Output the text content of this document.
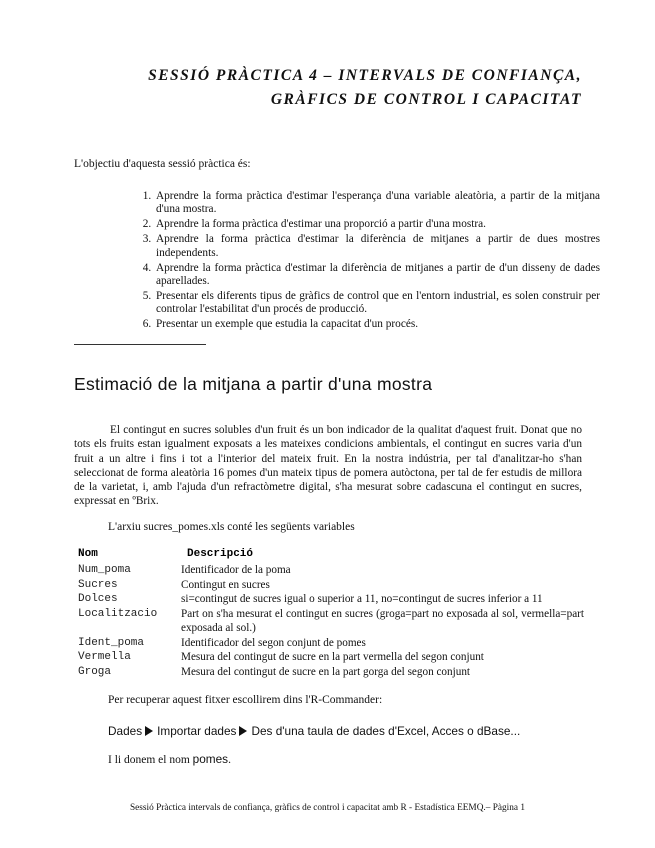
SESSIÓ PRÀCTICA 4 – INTERVALS DE CONFIANÇA,
GRÀFICS DE CONTROL I CAPACITAT

L'objectiu d'aquesta sessió pràctica és:

1. Aprendre la forma pràctica d'estimar l'esperança d'una variable aleatòria, a partir de la mitjana d'una mostra.
2. Aprendre la forma pràctica d'estimar una proporció a partir d'una mostra.
3. Aprendre la forma pràctica d'estimar la diferència de mitjanes a partir de dues mostres independents.
4. Aprendre la forma pràctica d'estimar la diferència de mitjanes a partir de d'un disseny de dades aparellades.
5. Presentar els diferents tipus de gràfics de control que en l'entorn industrial, es solen construir per controlar l'estabilitat d'un procés de producció.
6. Presentar un exemple que estudia la capacitat d'un procés.
Estimació de la mitjana a partir d'una mostra

El contingut en sucres solubles d'un fruit és un bon indicador de la qualitat d'aquest fruit. Donat que no tots els fruits estan igualment exposats a les mateixes condicions ambientals, el contingut en sucres varia d'un fruit a un altre i fins i tot a l'interior del mateix fruit. En la nostra indústria, per tal d'analitzar-ho s'han seleccionat de forma aleatòria 16 pomes d'un mateix tipus de pomera autòctona, per tal de fer estudis de millora de la varietat, i, amb l'ajuda d'un refractòmetre digital, s'ha mesurat sobre cadascuna el contingut en sucres, expressat en ºBrix.

L'arxiu sucres_pomes.xls conté les següents variables

Nom	Descripció
Num_poma	Identificador de la poma
Sucres	Contingut en sucres
Dolces	si=contingut de sucres igual o superior a 11, no=contingut de sucres inferior a 11
Localitzacio	Part on s'ha mesurat el contingut en sucres (groga=part no exposada al sol, vermella=part exposada al sol.)
Ident_poma	Identificador del segon conjunt de pomes
Vermella	Mesura del contingut de sucre en la part vermella del segon conjunt
Groga	Mesura del contingut de sucre en la part gorga del segon conjunt

Per recuperar aquest fitxer escollirem dins l'R-Commander:

Dades Importar dades Des d'una taula de dades d'Excel, Acces o dBase...

I li donem el nom pomes.

Sessió Pràctica intervals de confiança, gràfics de control i capacitat amb R - Estadística EEMQ.– Pàgina 1
